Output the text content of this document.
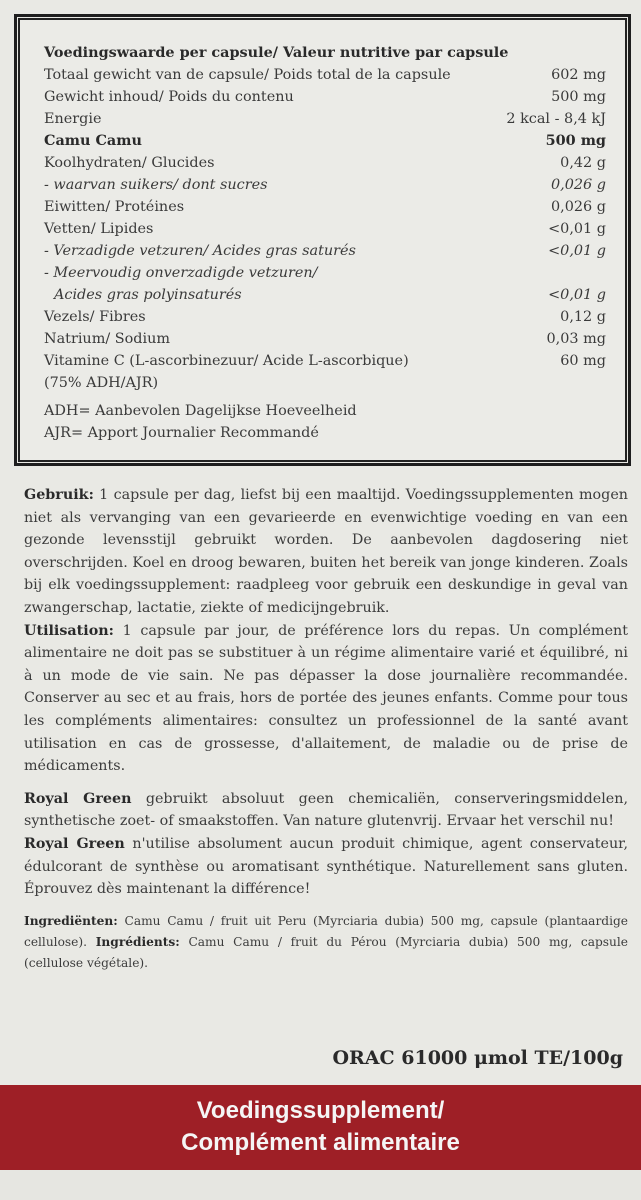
Voedingswaarde per capsule/ Valeur nutritive par capsule
Totaal gewicht van de capsule/ Poids total de la capsule	602 mg
Gewicht inhoud/ Poids du contenu	500 mg
Energie	2 kcal - 8,4 kJ
Camu Camu	500 mg
Koolhydraten/ Glucides	0,42 g
- waarvan suikers/ dont sucres	0,026 g
Eiwitten/ Protéines	0,026 g
Vetten/ Lipides	<0,01 g
- Verzadigde vetzuren/ Acides gras saturés	<0,01 g
- Meervoudig onverzadigde vetzuren/
Acides gras polyinsaturés	<0,01 g
Vezels/ Fibres	0,12 g
Natrium/ Sodium	0,03 mg
Vitamine C (L-ascorbinezuur/ Acide L-ascorbique)	60 mg
(75% ADH/AJR)
ADH= Aanbevolen Dagelijkse Hoeveelheid
AJR= Apport Journalier Recommandé

Gebruik: 1 capsule per dag, liefst bij een maaltijd. Voedingssupplementen mogen niet als vervanging van een gevarieerde en evenwichtige voeding en van een gezonde levensstijl gebruikt worden. De aanbevolen dagdosering niet overschrijden. Koel en droog bewaren, buiten het bereik van jonge kinderen. Zoals bij elk voedingssupplement: raadpleeg voor gebruik een deskundige in geval van zwangerschap, lactatie, ziekte of medicijngebruik.

Utilisation: 1 capsule par jour, de préférence lors du repas. Un complément alimentaire ne doit pas se substituer à un régime alimentaire varié et équilibré, ni à un mode de vie sain. Ne pas dépasser la dose journalière recommandée. Conserver au sec et au frais, hors de portée des jeunes enfants. Comme pour tous les compléments alimentaires: consultez un professionnel de la santé avant utilisation en cas de grossesse, d'allaitement, de maladie ou de prise de médicaments.

Royal Green gebruikt absoluut geen chemicaliën, conserveringsmiddelen, synthetische zoet- of smaakstoffen. Van nature glutenvrij. Ervaar het verschil nu!

Royal Green n'utilise absolument aucun produit chimique, agent conservateur, édulcorant de synthèse ou aromatisant synthétique. Naturellement sans gluten. Éprouvez dès maintenant la différence!

Ingrediënten: Camu Camu / fruit uit Peru (Myrciaria dubia) 500 mg, capsule (plantaardige cellulose). Ingrédients: Camu Camu / fruit du Pérou (Myrciaria dubia) 500 mg, capsule (cellulose végétale).

ORAC 61000 μmol TE/100g
Voedingssupplement/
Complément alimentaire
